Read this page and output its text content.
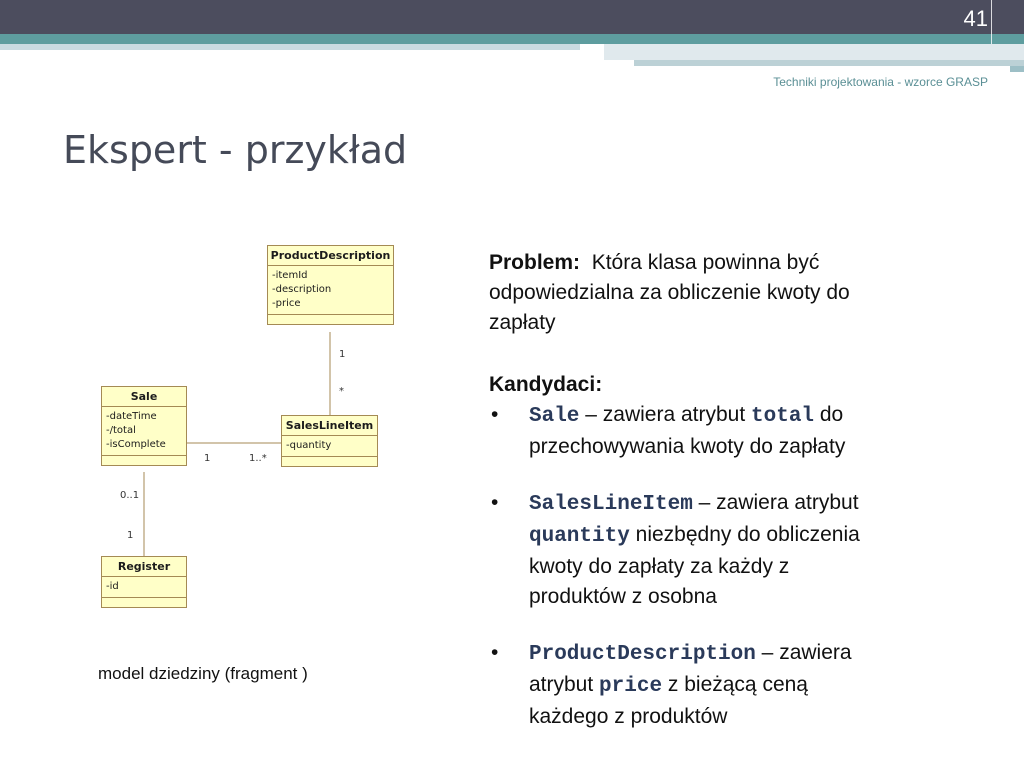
41
Techniki projektowania - wzorce GRASP
Ekspert - przykład
ProductDescription
-itemId
-description
-price
Sale
-dateTime
-/total
-isComplete
SalesLineItem
-quantity
Register
-id
1
*
1	1..*
0..1
1
model dziedziny (fragment )

Problem: Która klasa powinna być
odpowiedzialna za obliczenie kwoty do
zapłaty

Kandydaci:

• Sale – zawiera atrybut total do
przechowywania kwoty do zapłaty
• SalesLineItem – zawiera atrybut
quantity niezbędny do obliczenia
kwoty do zapłaty za każdy z
produktów z osobna
• ProductDescription – zawiera
atrybut price z bieżącą ceną
każdego z produktów
